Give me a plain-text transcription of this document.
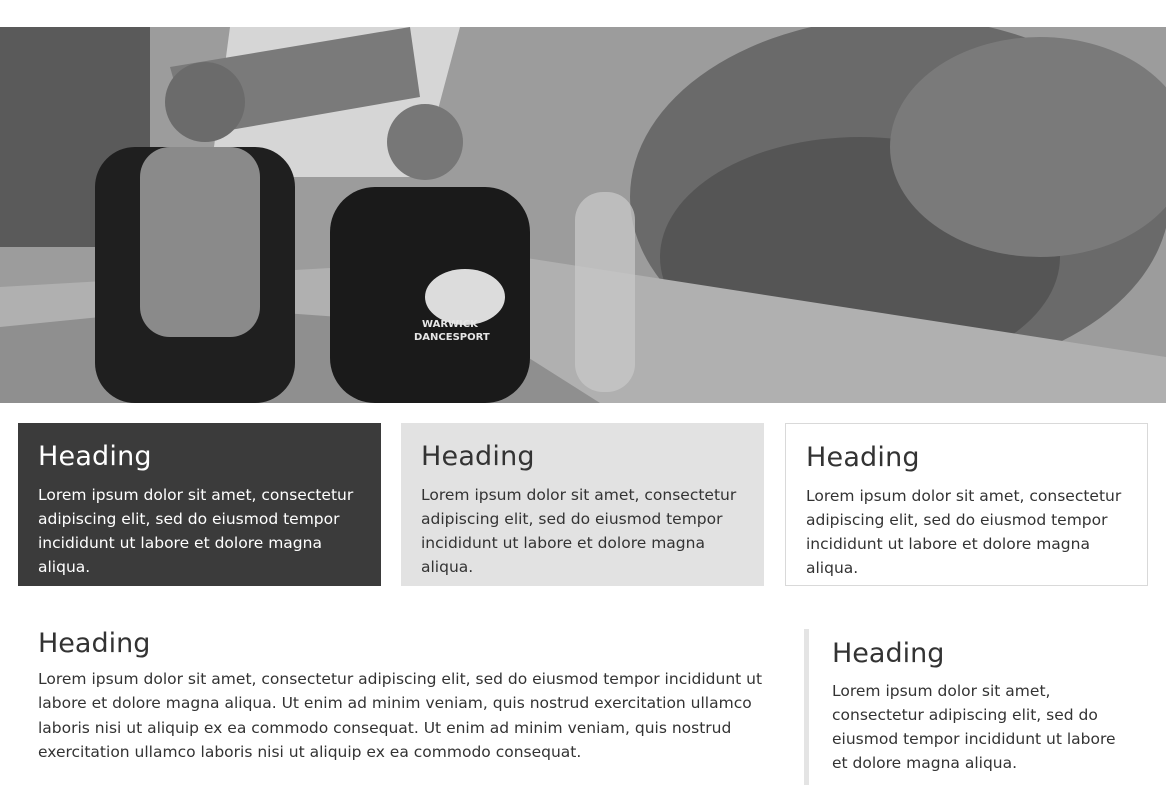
WARWICK
DANCESPORT
Heading

Lorem ipsum dolor sit amet, consectetur adipiscing elit, sed do eiusmod tempor incididunt ut labore et dolore magna aliqua.

Heading

Lorem ipsum dolor sit amet, consectetur adipiscing elit, sed do eiusmod tempor incididunt ut labore et dolore magna aliqua.

Heading

Lorem ipsum dolor sit amet, consectetur adipiscing elit, sed do eiusmod tempor incididunt ut labore et dolore magna aliqua.

Heading

Lorem ipsum dolor sit amet, consectetur adipiscing elit, sed do eiusmod tempor incididunt ut labore et dolore magna aliqua. Ut enim ad minim veniam, quis nostrud exercitation ullamco laboris nisi ut aliquip ex ea commodo consequat. Ut enim ad minim veniam, quis nostrud exercitation ullamco laboris nisi ut aliquip ex ea commodo consequat.

Heading

Lorem ipsum dolor sit amet, consectetur adipiscing elit, sed do eiusmod tempor incididunt ut labore et dolore magna aliqua.
